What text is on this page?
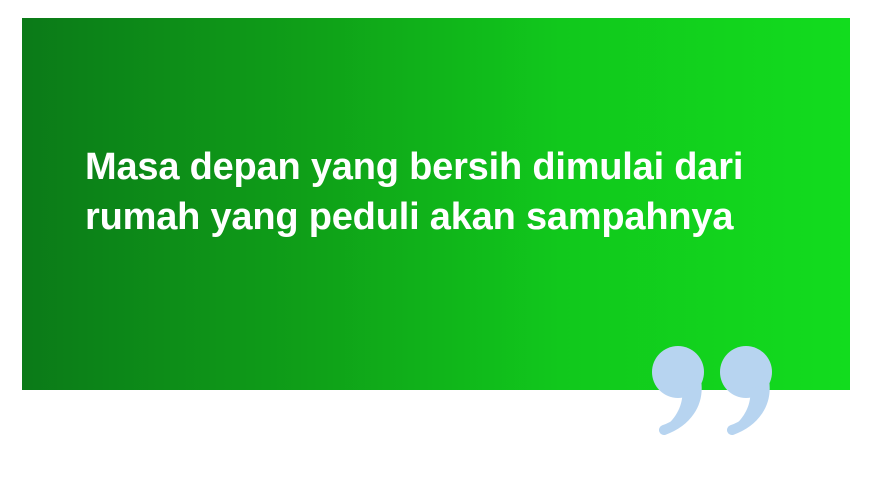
Masa depan yang bersih dimulai dari rumah yang peduli akan sampahnya
